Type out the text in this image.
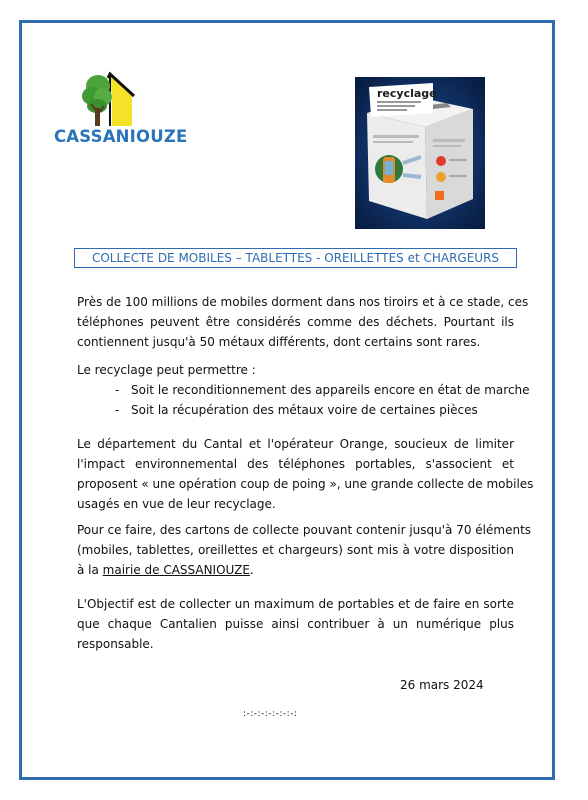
CASSANIOUZE
recyclage
COLLECTE DE MOBILES – TABLETTES - OREILLETTES et CHARGEURS

Près de 100 millions de mobiles dorment dans nos tiroirs et à ce stade, ces
téléphones peuvent être considérés comme des déchets. Pourtant ils
contiennent jusqu'à 50 métaux différents, dont certains sont rares.

Le recyclage peut permettre :

- Soit le reconditionnement des appareils encore en état de marche
- Soit la récupération des métaux voire de certaines pièces

Le département du Cantal et l'opérateur Orange, soucieux de limiter
l'impact environnemental des téléphones portables, s'associent et
proposent « une opération coup de poing », une grande collecte de mobiles
usagés en vue de leur recyclage.

Pour ce faire, des cartons de collecte pouvant contenir jusqu'à 70 éléments
(mobiles, tablettes, oreillettes et chargeurs) sont mis à votre disposition
à la mairie de CASSANIOUZE.

L'Objectif est de collecter un maximum de portables et de faire en sorte
que chaque Cantalien puisse ainsi contribuer à un numérique plus
responsable.

26 mars 2024
:-:-:-:-:-:-:-:
